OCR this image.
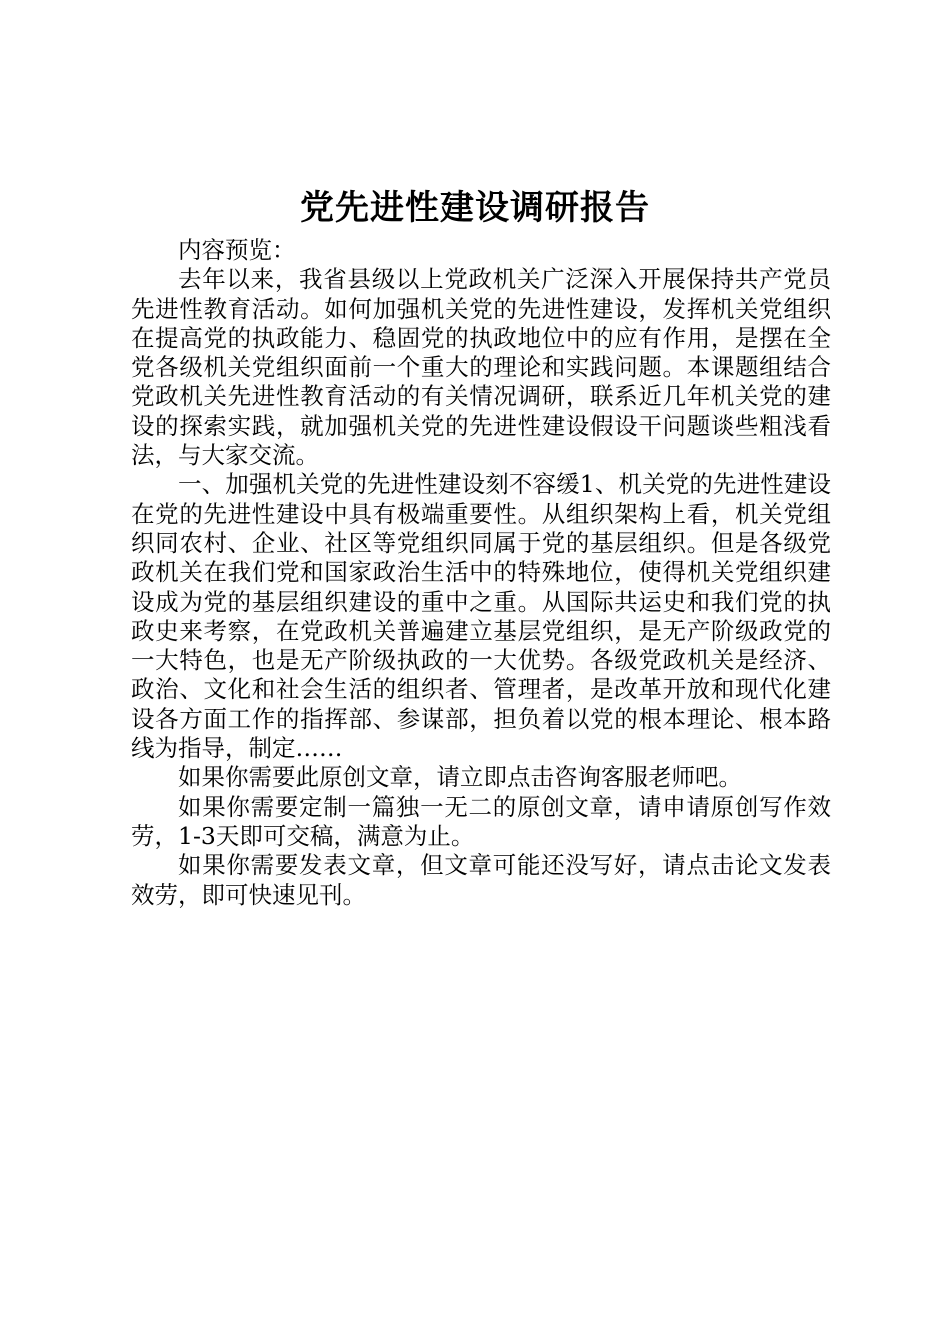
党先进性建设调研报告

内容预览：

去年以来，我省县级以上党政机关广泛深入开展保持共产党员先进性教育活动。如何加强机关党的先进性建设，发挥机关党组织在提高党的执政能力、稳固党的执政地位中的应有作用，是摆在全党各级机关党组织面前一个重大的理论和实践问题。本课题组结合党政机关先进性教育活动的有关情况调研，联系近几年机关党的建设的探索实践，就加强机关党的先进性建设假设干问题谈些粗浅看法，与大家交流。

一、加强机关党的先进性建设刻不容缓1、机关党的先进性建设在党的先进性建设中具有极端重要性。从组织架构上看，机关党组织同农村、企业、社区等党组织同属于党的基层组织。但是各级党政机关在我们党和国家政治生活中的特殊地位，使得机关党组织建设成为党的基层组织建设的重中之重。从国际共运史和我们党的执政史来考察，在党政机关普遍建立基层党组织，是无产阶级政党的一大特色，也是无产阶级执政的一大优势。各级党政机关是经济、政治、文化和社会生活的组织者、管理者，是改革开放和现代化建设各方面工作的指挥部、参谋部，担负着以党的根本理论、根本路线为指导，制定……

如果你需要此原创文章，请立即点击咨询客服老师吧。

如果你需要定制一篇独一无二的原创文章，请申请原创写作效劳，1-3天即可交稿，满意为止。

如果你需要发表文章，但文章可能还没写好，请点击论文发表效劳，即可快速见刊。
